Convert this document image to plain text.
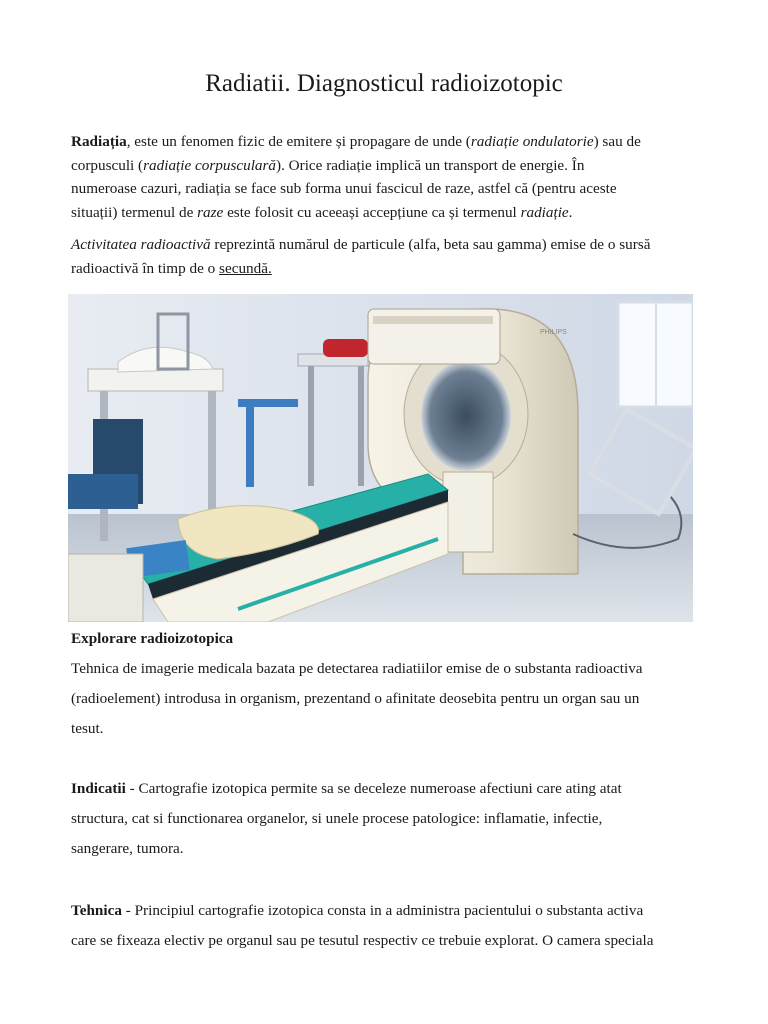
Radiatii. Diagnosticul radioizotopic

Radiația, este un fenomen fizic de emitere și propagare de unde (radiație ondulatorie) sau de
corpusculi (radiație corpusculară). Orice radiație implică un transport de energie. În
numeroase cazuri, radiația se face sub forma unui fascicul de raze, astfel că (pentru aceste
situații) termenul de raze este folosit cu aceeași accepțiune ca și termenul radiație.

Activitatea radioactivă reprezintă numărul de particule (alfa, beta sau gamma) emise de o sursă
radioactivă în timp de o secundă.

PHILIPS

Explorare radioizotopica

Tehnica de imagerie medicala bazata pe detectarea radiatiilor emise de o substanta radioactiva
(radioelement) introdusa in organism, prezentand o afinitate deosebita pentru un organ sau un
tesut.

Indicatii - Cartografie izotopica permite sa se deceleze numeroase afectiuni care ating atat
structura, cat si functionarea organelor, si unele procese patologice: inflamatie, infectie,
sangerare, tumora.

Tehnica - Principiul cartografie izotopica consta in a administra pacientului o substanta activa
care se fixeaza electiv pe organul sau pe tesutul respectiv ce trebuie explorat. O camera speciala
